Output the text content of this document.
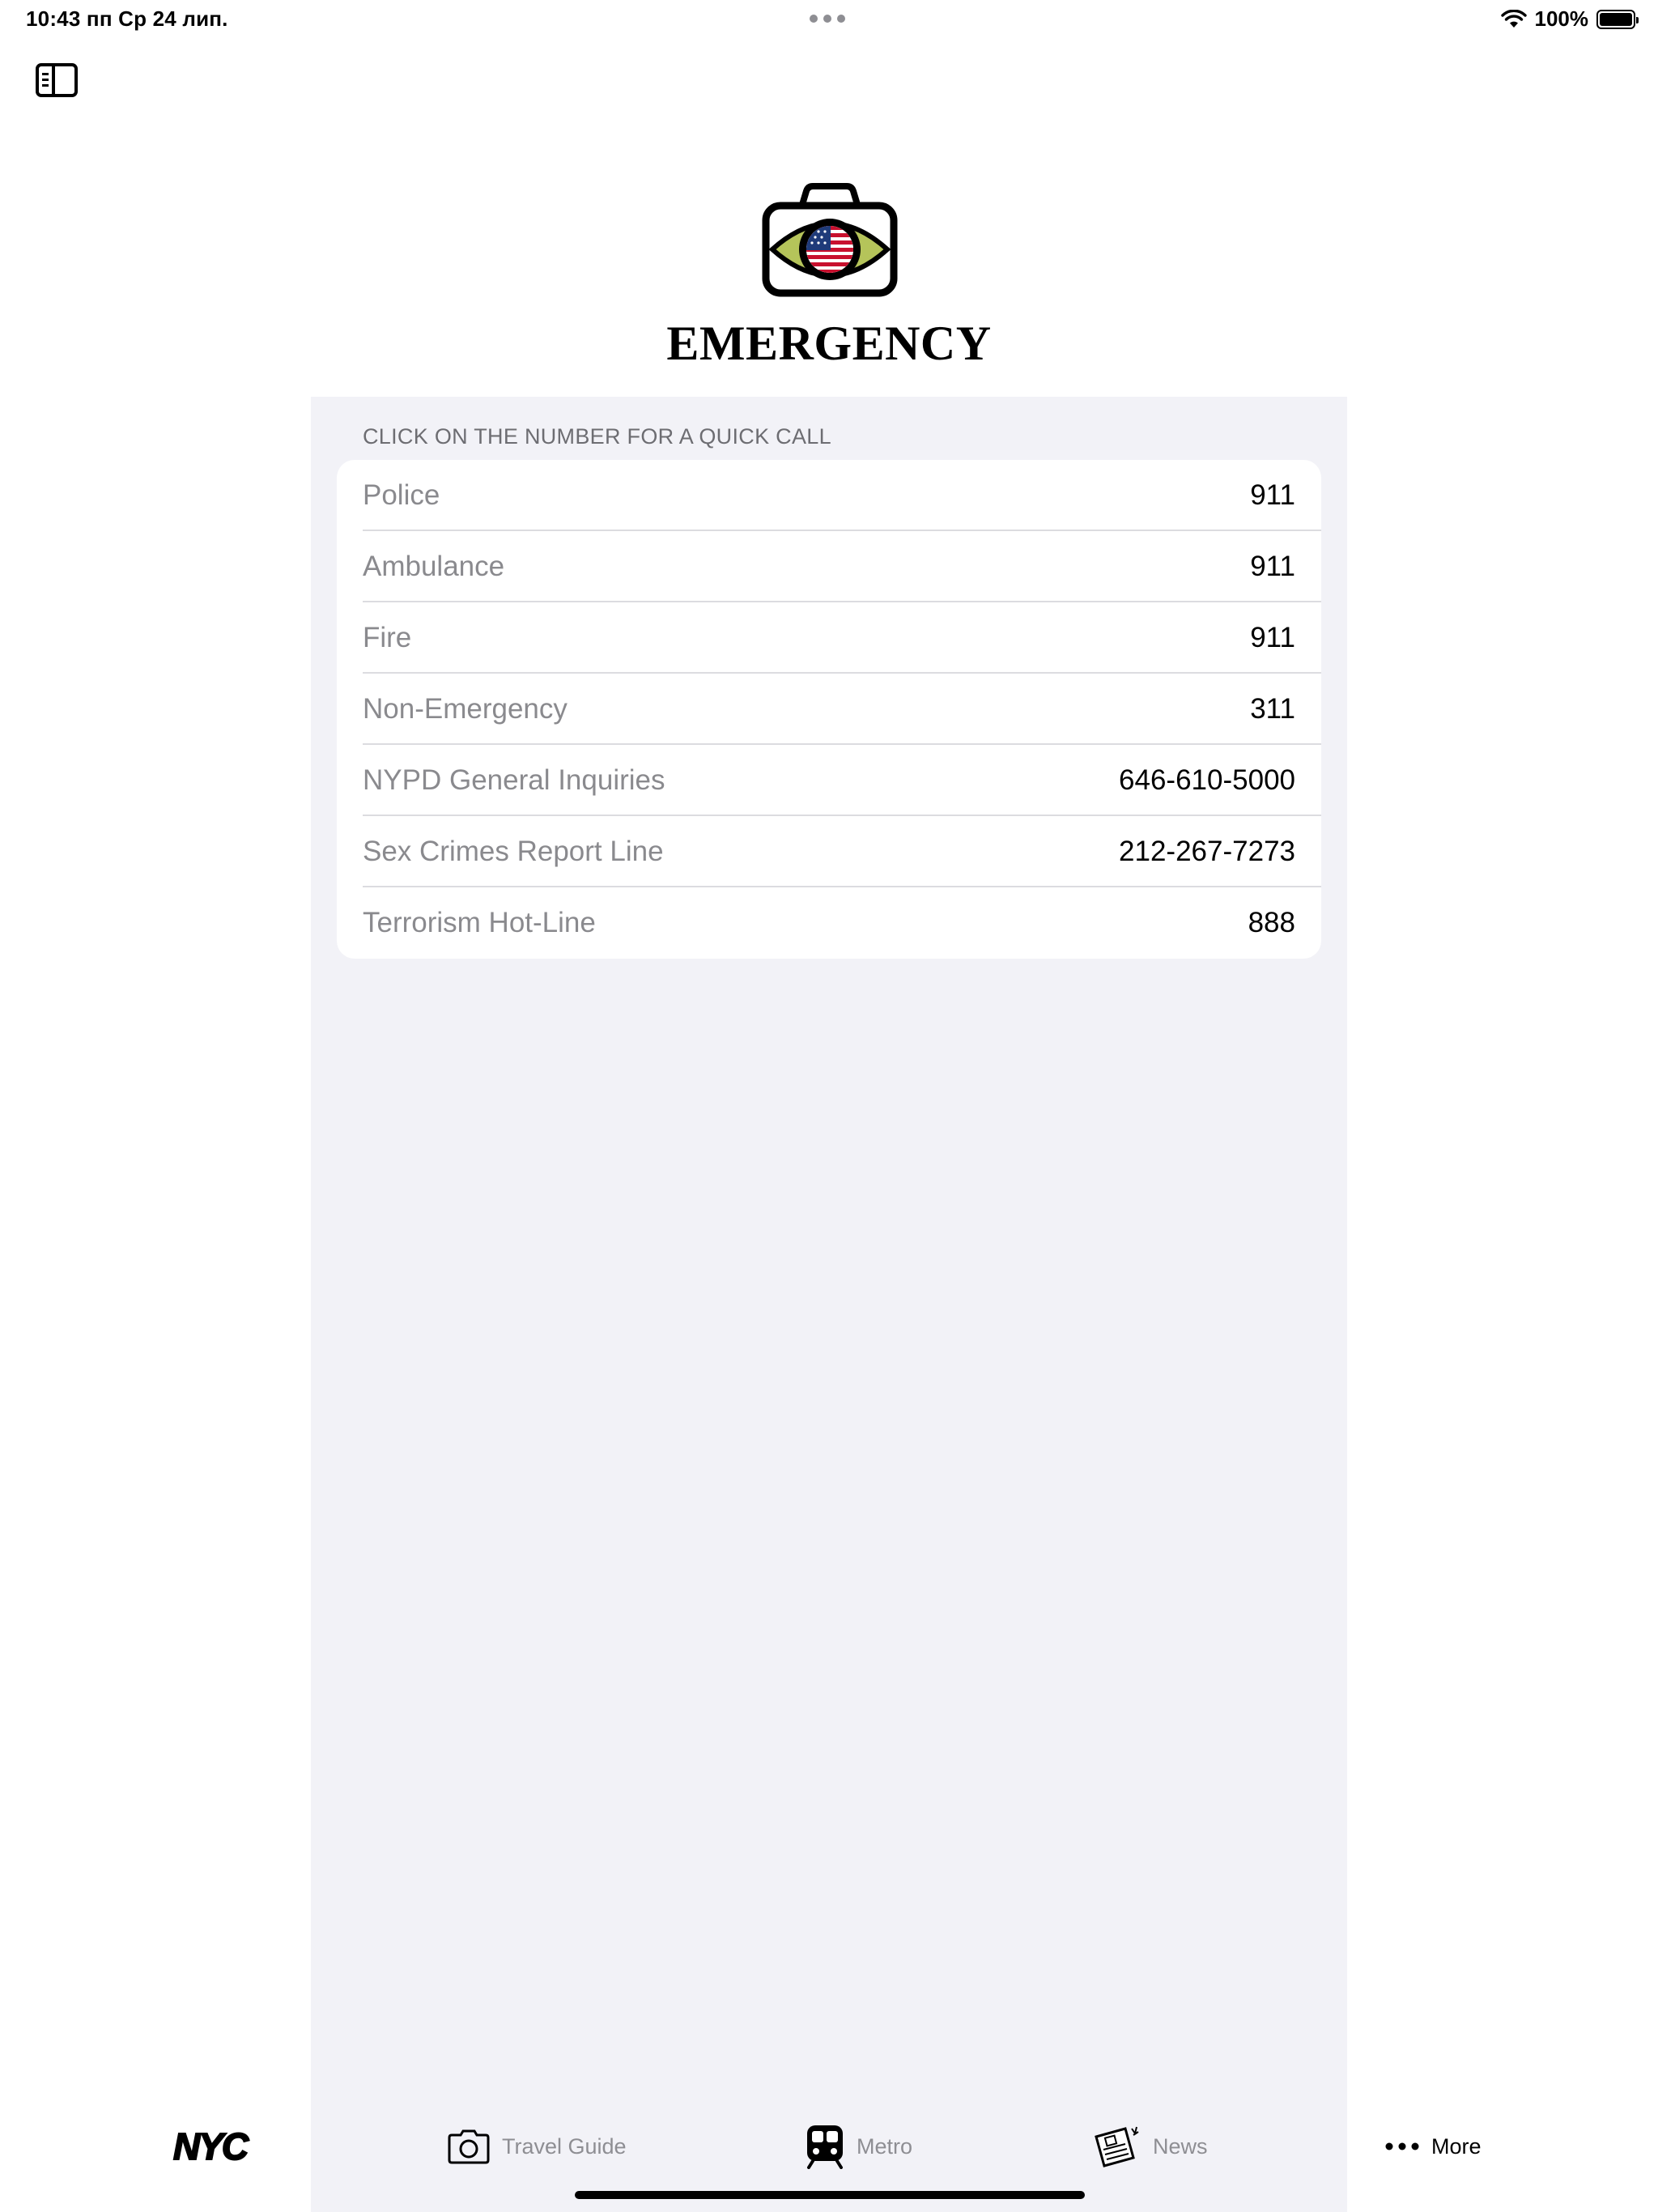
10:43 пп Ср 24 лип.	100%
EMERGENCY
CLICK ON THE NUMBER FOR A QUICK CALL
Police	911
Ambulance	911
Fire	911
Non-Emergency	311
NYPD General Inquiries	646-610-5000
Sex Crimes Report Line	212-267-7273
Terrorism Hot-Line	888
NYC	Travel Guide	Metro	News	More
